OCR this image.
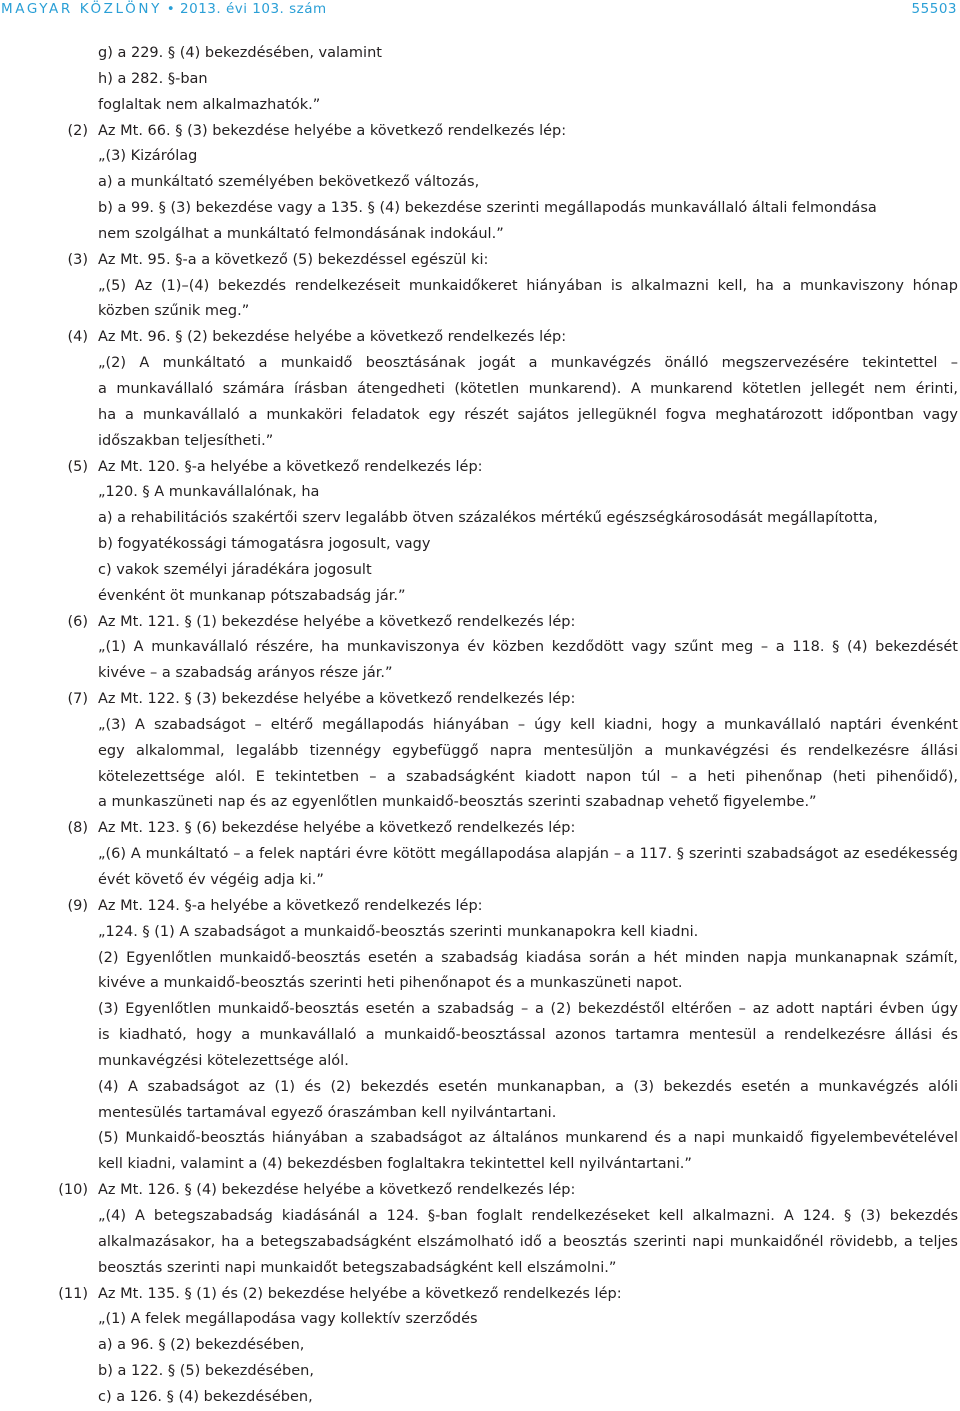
MAGYAR KÖZLÖNY • 2013. évi 103. szám	55503
g) a 229. § (4) bekezdésében, valamint
h) a 282. §-ban
foglaltak nem alkalmazhatók.”
(2) Az Mt. 66. § (3) bekezdése helyébe a következő rendelkezés lép:
„(3) Kizárólag
a) a munkáltató személyében bekövetkező változás,
b) a 99. § (3) bekezdése vagy a 135. § (4) bekezdése szerinti megállapodás munkavállaló általi felmondása
nem szolgálhat a munkáltató felmondásának indokául.”
(3) Az Mt. 95. §-a a következő (5) bekezdéssel egészül ki:
„(5) Az (1)–(4) bekezdés rendelkezéseit munkaidőkeret hiányában is alkalmazni kell, ha a munkaviszony hónap
közben szűnik meg.”
(4) Az Mt. 96. § (2) bekezdése helyébe a következő rendelkezés lép:
„(2) A munkáltató a munkaidő beosztásának jogát a munkavégzés önálló megszervezésére tekintettel –
a munkavállaló számára írásban átengedheti (kötetlen munkarend). A munkarend kötetlen jellegét nem érinti,
ha a munkavállaló a munkaköri feladatok egy részét sajátos jellegüknél fogva meghatározott időpontban vagy
időszakban teljesítheti.”
(5) Az Mt. 120. §-a helyébe a következő rendelkezés lép:
„120. § A munkavállalónak, ha
a) a rehabilitációs szakértői szerv legalább ötven százalékos mértékű egészségkárosodását megállapította,
b) fogyatékossági támogatásra jogosult, vagy
c) vakok személyi járadékára jogosult
évenként öt munkanap pótszabadság jár.”
(6) Az Mt. 121. § (1) bekezdése helyébe a következő rendelkezés lép:
„(1) A munkavállaló részére, ha munkaviszonya év közben kezdődött vagy szűnt meg – a 118. § (4) bekezdését
kivéve – a szabadság arányos része jár.”
(7) Az Mt. 122. § (3) bekezdése helyébe a következő rendelkezés lép:
„(3) A szabadságot – eltérő megállapodás hiányában – úgy kell kiadni, hogy a munkavállaló naptári évenként
egy alkalommal, legalább tizennégy egybefüggő napra mentesüljön a munkavégzési és rendelkezésre állási
kötelezettsége alól. E tekintetben – a szabadságként kiadott napon túl – a heti pihenőnap (heti pihenőidő),
a munkaszüneti nap és az egyenlőtlen munkaidő-beosztás szerinti szabadnap vehető figyelembe.”
(8) Az Mt. 123. § (6) bekezdése helyébe a következő rendelkezés lép:
„(6) A munkáltató – a felek naptári évre kötött megállapodása alapján – a 117. § szerinti szabadságot az esedékesség
évét követő év végéig adja ki.”
(9) Az Mt. 124. §-a helyébe a következő rendelkezés lép:
„124. § (1) A szabadságot a munkaidő-beosztás szerinti munkanapokra kell kiadni.
(2) Egyenlőtlen munkaidő-beosztás esetén a szabadság kiadása során a hét minden napja munkanapnak számít,
kivéve a munkaidő-beosztás szerinti heti pihenőnapot és a munkaszüneti napot.
(3) Egyenlőtlen munkaidő-beosztás esetén a szabadság – a (2) bekezdéstől eltérően – az adott naptári évben úgy
is kiadható, hogy a munkavállaló a munkaidő-beosztással azonos tartamra mentesül a rendelkezésre állási és
munkavégzési kötelezettsége alól.
(4) A szabadságot az (1) és (2) bekezdés esetén munkanapban, a (3) bekezdés esetén a munkavégzés alóli
mentesülés tartamával egyező óraszámban kell nyilvántartani.
(5) Munkaidő-beosztás hiányában a szabadságot az általános munkarend és a napi munkaidő figyelembevételével
kell kiadni, valamint a (4) bekezdésben foglaltakra tekintettel kell nyilvántartani.”
(10) Az Mt. 126. § (4) bekezdése helyébe a következő rendelkezés lép:
„(4) A betegszabadság kiadásánál a 124. §-ban foglalt rendelkezéseket kell alkalmazni. A 124. § (3) bekezdés
alkalmazásakor, ha a betegszabadságként elszámolható idő a beosztás szerinti napi munkaidőnél rövidebb, a teljes
beosztás szerinti napi munkaidőt betegszabadságként kell elszámolni.”
(11) Az Mt. 135. § (1) és (2) bekezdése helyébe a következő rendelkezés lép:
„(1) A felek megállapodása vagy kollektív szerződés
a) a 96. § (2) bekezdésében,
b) a 122. § (5) bekezdésében,
c) a 126. § (4) bekezdésében,
